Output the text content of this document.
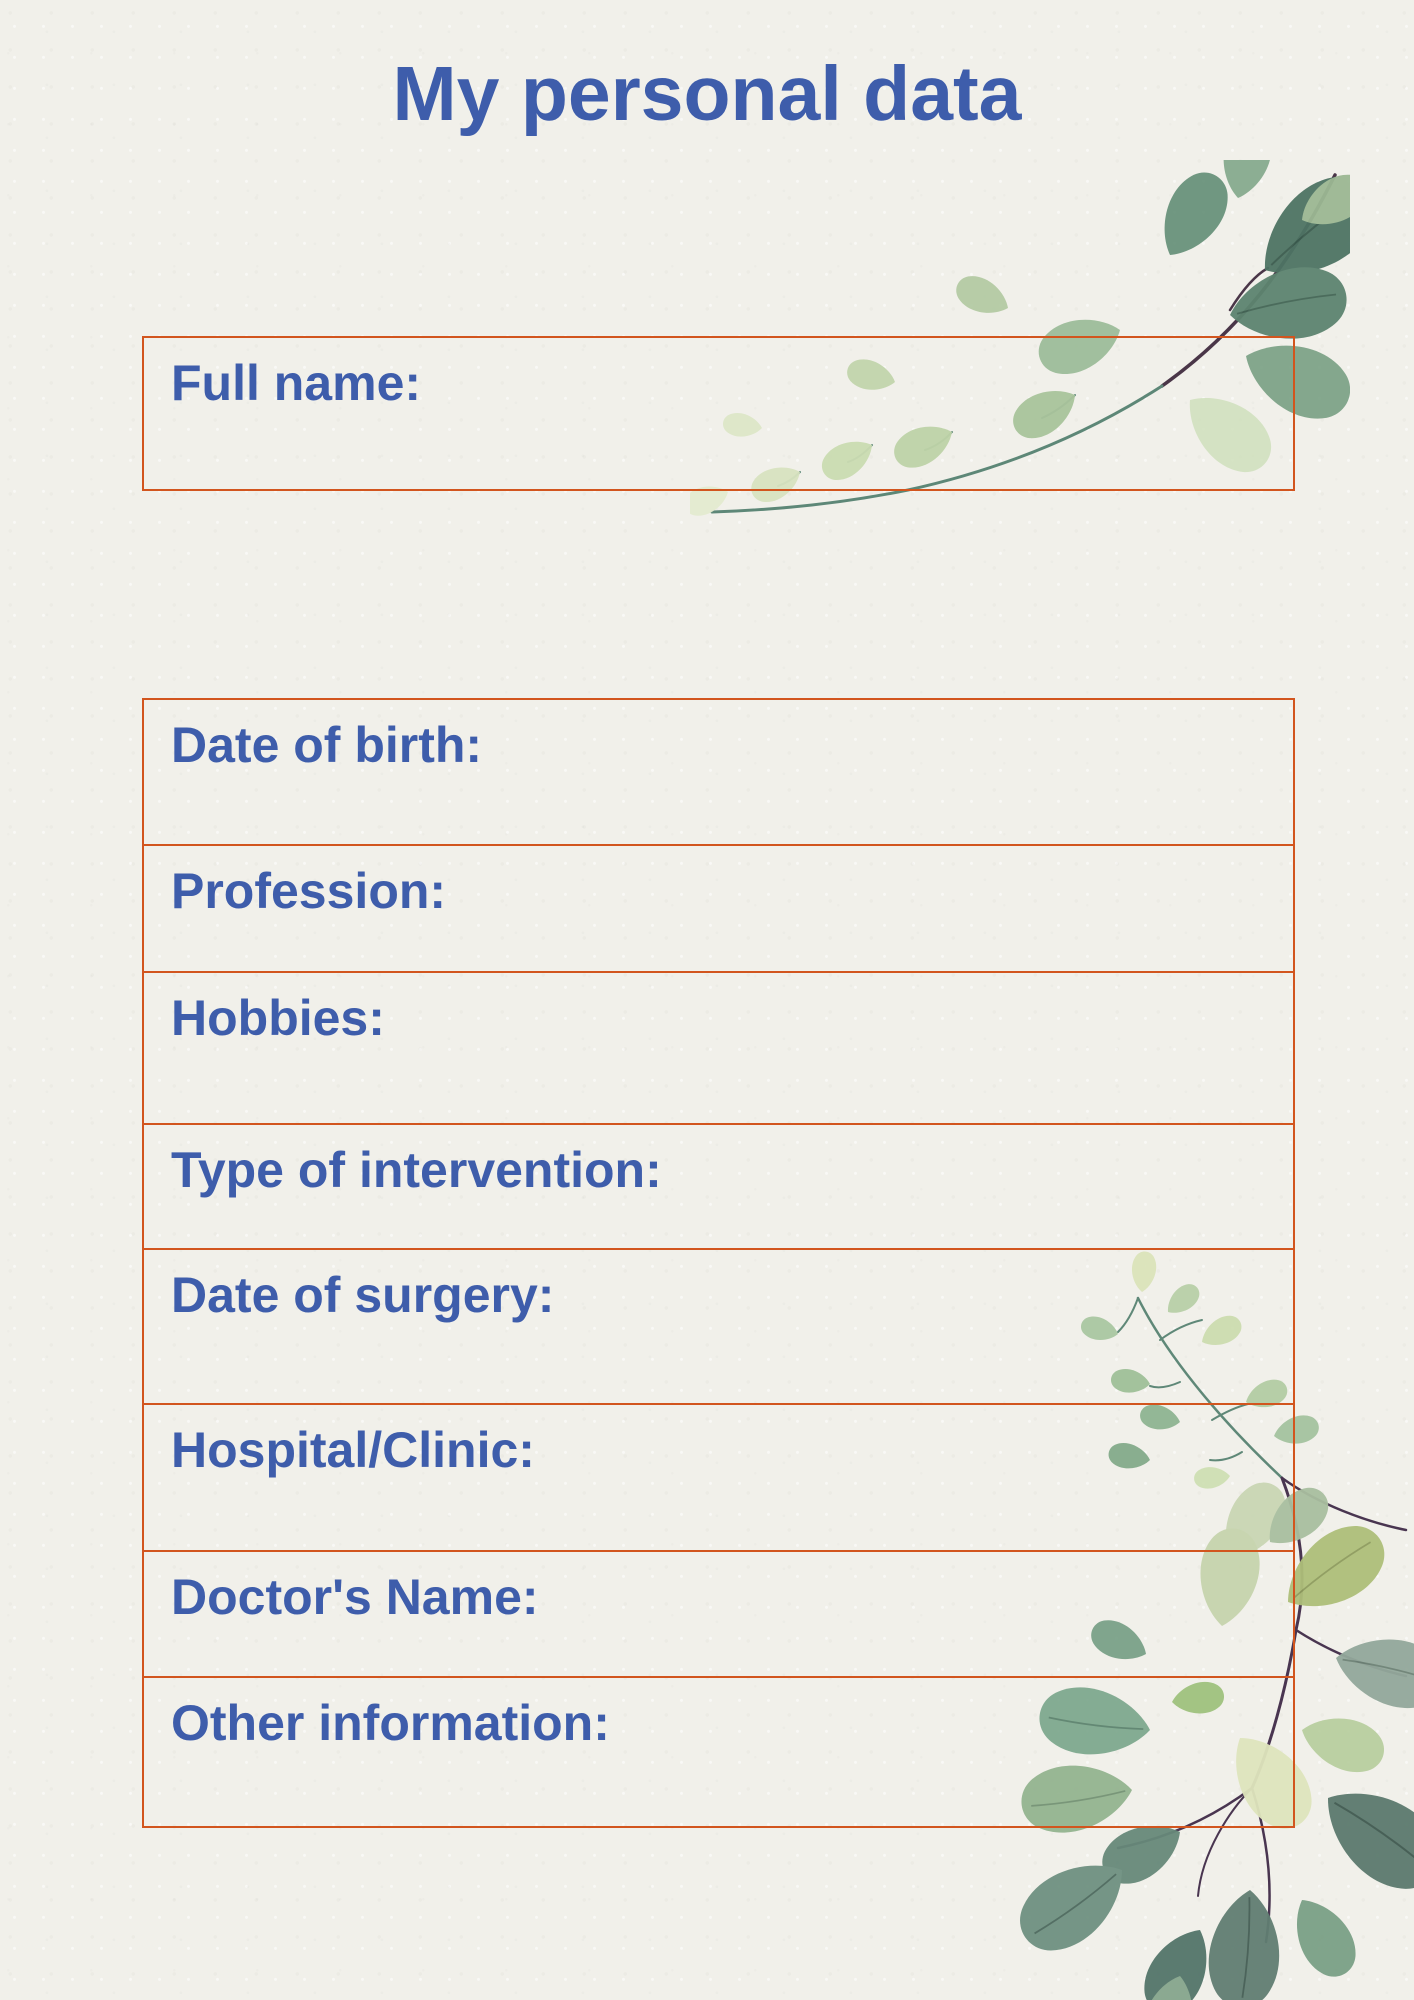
My personal data
Full name:
Date of birth:
Profession:
Hobbies:
Type of intervention:
Date of surgery:
Hospital/Clinic:
Doctor's Name:
Other information:
